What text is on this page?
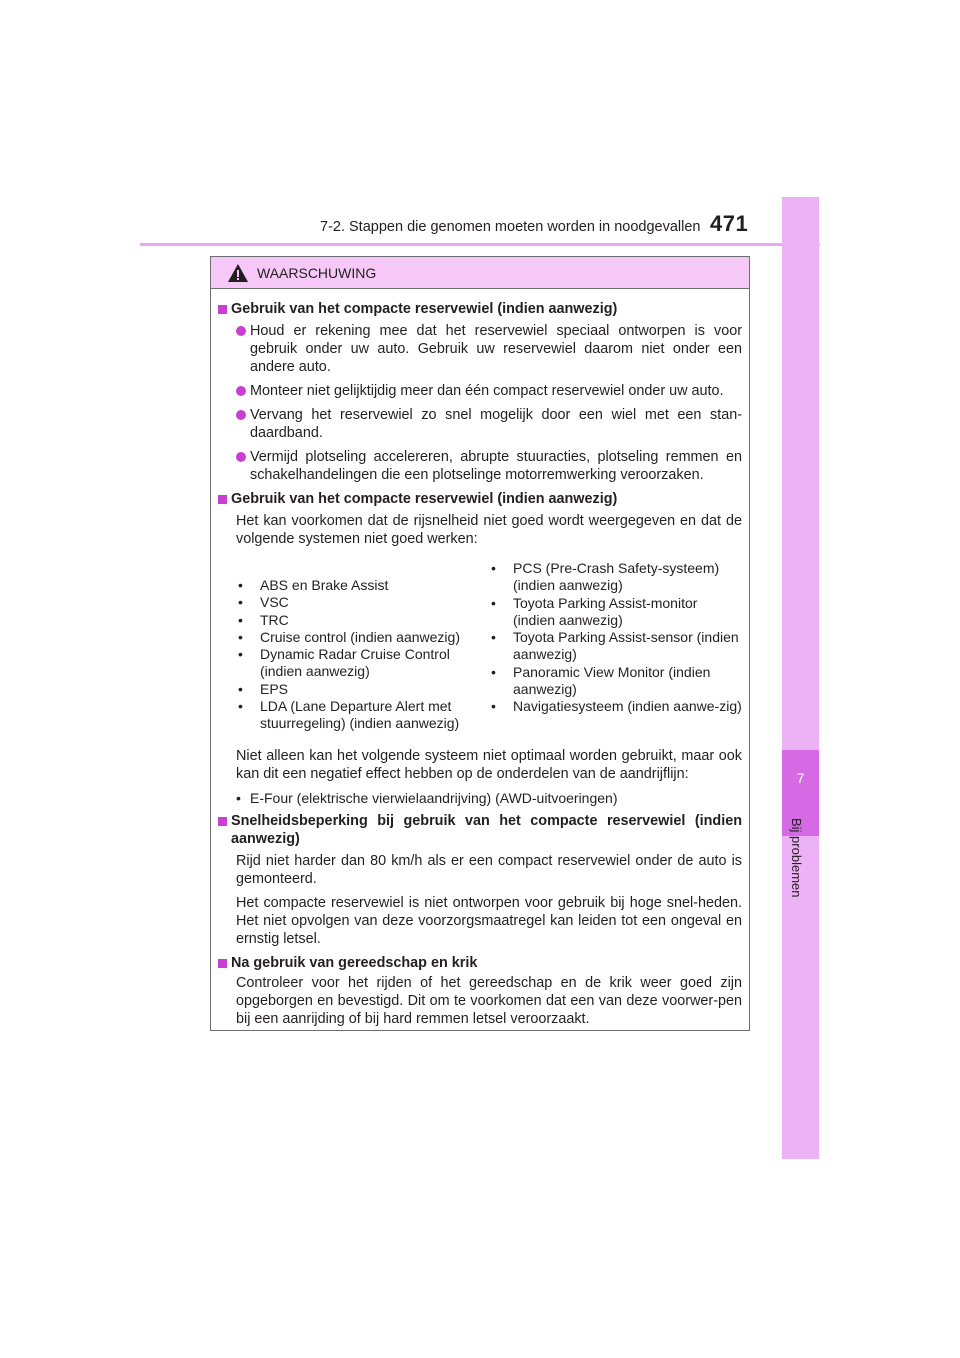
7-2. Stappen die genomen moeten worden in noodgevallen 471
7
Bij problemen
WAARSCHUWING
Gebruik van het compacte reservewiel (indien aanwezig)
Houd er rekening mee dat het reservewiel speciaal ontworpen is voor gebruik onder uw auto. Gebruik uw reservewiel daarom niet onder een andere auto.
Monteer niet gelijktijdig meer dan één compact reservewiel onder uw auto.
Vervang het reservewiel zo snel mogelijk door een wiel met een stan-daardband.
Vermijd plotseling accelereren, abrupte stuuracties, plotseling remmen en schakelhandelingen die een plotselinge motorremwerking veroorzaken.
Gebruik van het compacte reservewiel (indien aanwezig)
Het kan voorkomen dat de rijsnelheid niet goed wordt weergegeven en dat de volgende systemen niet goed werken:
• ABS en Brake Assist
• VSC
• TRC
• Cruise control (indien aanwezig)
• Dynamic Radar Cruise Control (indien aanwezig)
• EPS
• LDA (Lane Departure Alert met stuurregeling) (indien aanwezig)
• PCS (Pre-Crash Safety-systeem) (indien aanwezig)
• Toyota Parking Assist-monitor (indien aanwezig)
• Toyota Parking Assist-sensor (indien aanwezig)
• Panoramic View Monitor (indien aanwezig)
• Navigatiesysteem (indien aanwe-zig)
Niet alleen kan het volgende systeem niet optimaal worden gebruikt, maar ook kan dit een negatief effect hebben op de onderdelen van de aandrijflijn:
• E-Four (elektrische vierwielaandrijving) (AWD-uitvoeringen)
Snelheidsbeperking bij gebruik van het compacte reservewiel (indien aanwezig)
Rijd niet harder dan 80 km/h als er een compact reservewiel onder de auto is gemonteerd.
Het compacte reservewiel is niet ontworpen voor gebruik bij hoge snel-heden. Het niet opvolgen van deze voorzorgsmaatregel kan leiden tot een ongeval en ernstig letsel.
Na gebruik van gereedschap en krik
Controleer voor het rijden of het gereedschap en de krik weer goed zijn opgeborgen en bevestigd. Dit om te voorkomen dat een van deze voorwer-pen bij een aanrijding of bij hard remmen letsel veroorzaakt.
